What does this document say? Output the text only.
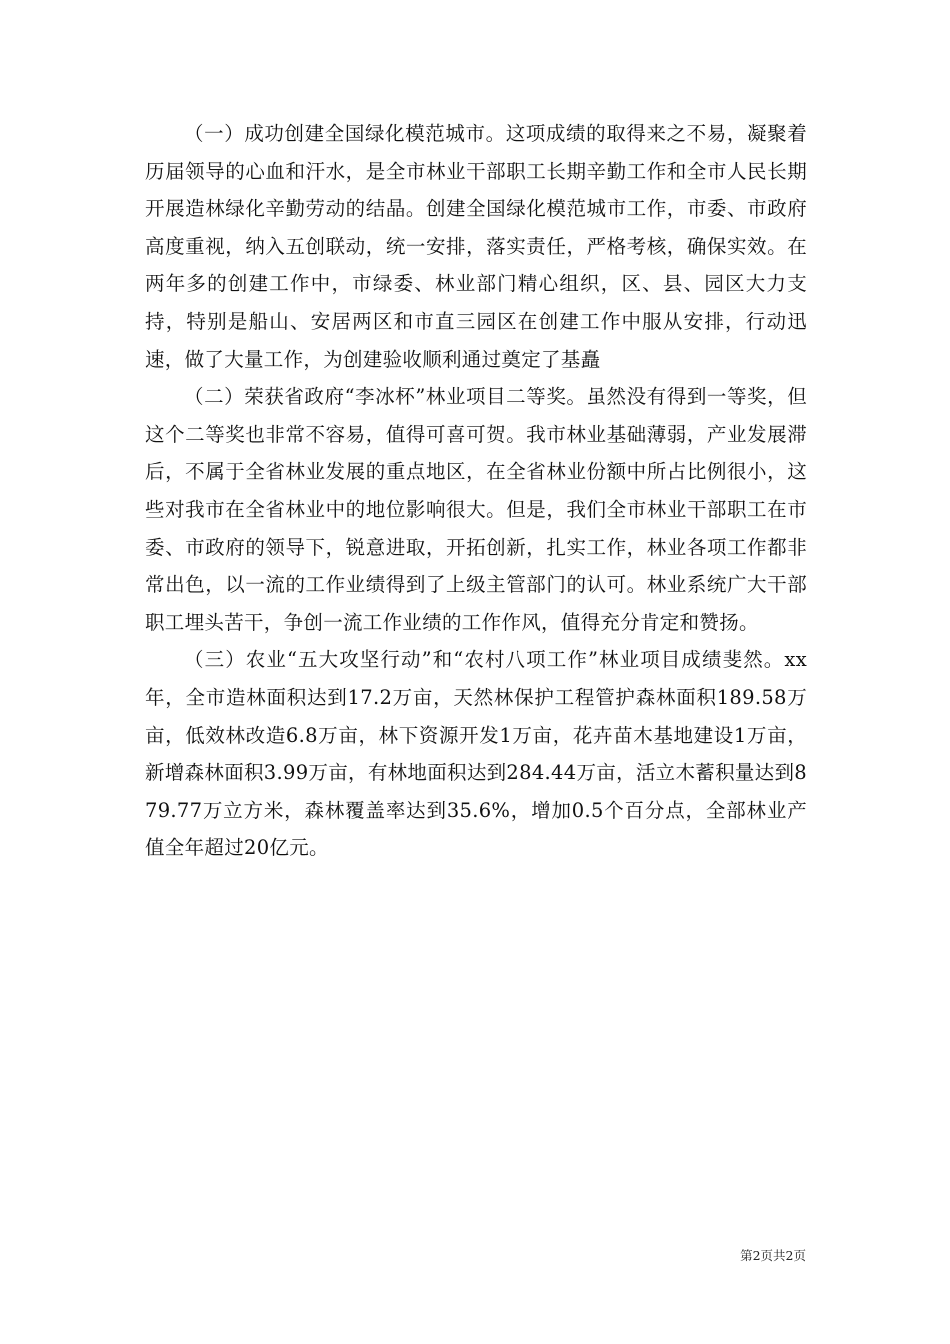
（一）成功创建全国绿化模范城市。这项成绩的取得来之不易，凝聚着历届领导的心血和汗水，是全市林业干部职工长期辛勤工作和全市人民长期开展造林绿化辛勤劳动的结晶。创建全国绿化模范城市工作，市委、市政府高度重视，纳入五创联动，统一安排，落实责任，严格考核，确保实效。在两年多的创建工作中，市绿委、林业部门精心组织，区、县、园区大力支持，特别是船山、安居两区和市直三园区在创建工作中服从安排，行动迅速，做了大量工作，为创建验收顺利通过奠定了基矗

（二）荣获省政府“李冰杯”林业项目二等奖。虽然没有得到一等奖，但这个二等奖也非常不容易，值得可喜可贺。我市林业基础薄弱，产业发展滞后，不属于全省林业发展的重点地区，在全省林业份额中所占比例很小，这些对我市在全省林业中的地位影响很大。但是，我们全市林业干部职工在市委、市政府的领导下，锐意进取，开拓创新，扎实工作，林业各项工作都非常出色，以一流的工作业绩得到了上级主管部门的认可。林业系统广大干部职工埋头苦干，争创一流工作业绩的工作作风，值得充分肯定和赞扬。

（三）农业“五大攻坚行动”和“农村八项工作”林业项目成绩斐然。xx年，全市造林面积达到17.2万亩，天然林保护工程管护森林面积189.58万亩，低效林改造6.8万亩，林下资源开发1万亩，花卉苗木基地建设1万亩，新增森林面积3.99万亩，有林地面积达到284.44万亩，活立木蓄积量达到879.77万立方米，森林覆盖率达到35.6%，增加0.5个百分点，全部林业产值全年超过20亿元。

第2页共2页
